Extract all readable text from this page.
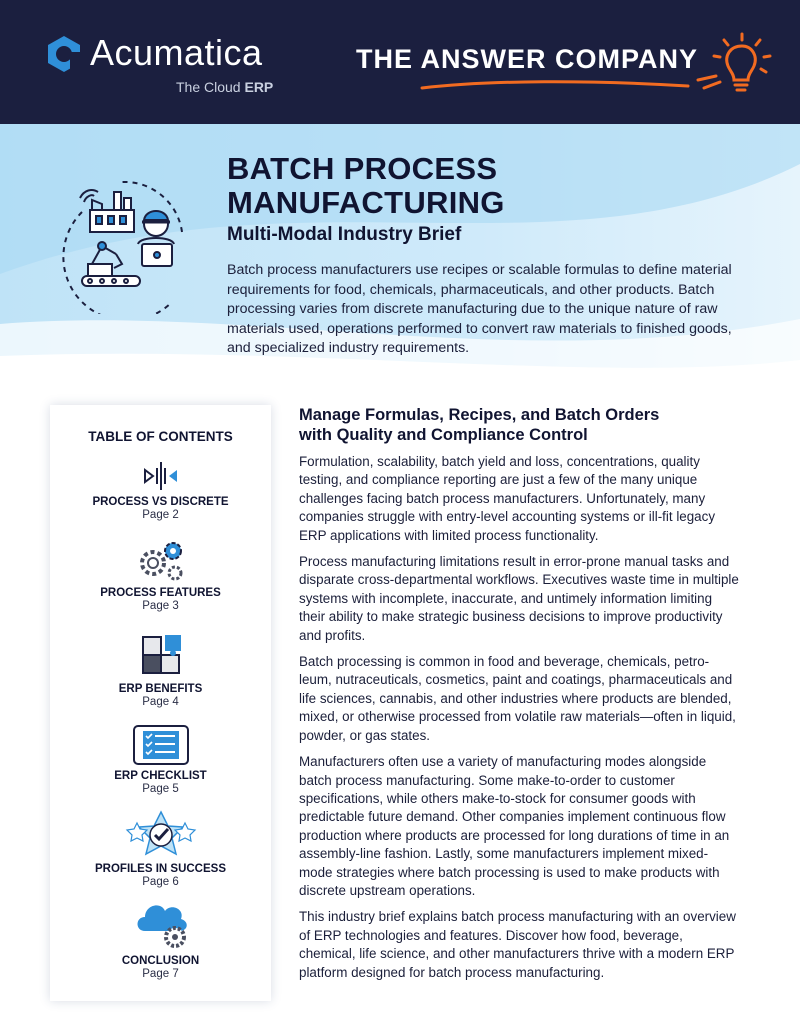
Acumatica
The Cloud ERP
THE ANSWER COMPANY
BATCH PROCESS
MANUFACTURING
Multi-Modal Industry Brief
Batch process manufacturers use recipes or scalable formulas to define material requirements for food, chemicals, pharmaceuticals, and other products. Batch processing varies from discrete manufacturing due to the unique nature of raw materials used, operations performed to convert raw materials to finished goods, and specialized industry requirements.
TABLE OF CONTENTS
PROCESS VS DISCRETE
Page 2
PROCESS FEATURES
Page 3
ERP BENEFITS
Page 4
ERP CHECKLIST
Page 5
PROFILES IN SUCCESS
Page 6
CONCLUSION
Page 7
Manage Formulas, Recipes, and Batch Orders
with Quality and Compliance Control

Formulation, scalability, batch yield and loss, concentrations, quality testing, and compliance reporting are just a few of the many unique challenges facing batch process manufacturers. Unfortunately, many companies struggle with entry-level accounting systems or ill-fit legacy ERP applications with limited process functionality.

Process manufacturing limitations result in error-prone manual tasks and disparate cross-departmental workflows. Executives waste time in multiple systems with incomplete, inaccurate, and untimely information limiting their ability to make strategic business decisions to improve productivity and profits.

Batch processing is common in food and beverage, chemicals, petro-leum, nutraceuticals, cosmetics, paint and coatings, pharmaceuticals and life sciences, cannabis, and other industries where products are blended, mixed, or otherwise processed from volatile raw materials—often in liquid, powder, or gas states.

Manufacturers often use a variety of manufacturing modes alongside batch process manufacturing. Some make-to-order to customer specifications, while others make-to-stock for consumer goods with predictable future demand. Other companies implement continuous flow production where products are processed for long durations of time in an assembly-line fashion. Lastly, some manufacturers implement mixed-mode strategies where batch processing is used to make products with discrete upstream operations.

This industry brief explains batch process manufacturing with an overview of ERP technologies and features. Discover how food, beverage, chemical, life science, and other manufacturers thrive with a modern ERP platform designed for batch process manufacturing.
